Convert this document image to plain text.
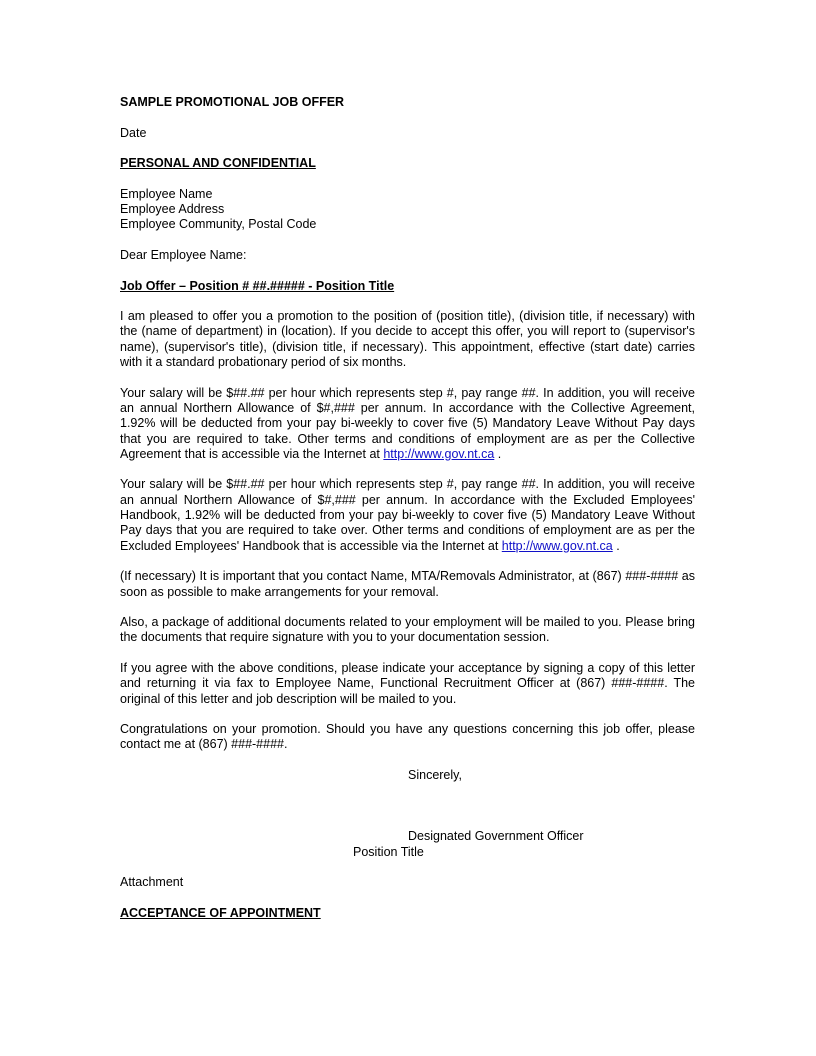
SAMPLE PROMOTIONAL JOB OFFER

Date

PERSONAL AND CONFIDENTIAL

Employee Name

Employee Address

Employee Community, Postal Code

Dear Employee Name:

Job Offer – Position # ##.##### - Position Title

I am pleased to offer you a promotion to the position of (position title), (division title, if necessary) with the (name of department) in (location). If you decide to accept this offer, you will report to (supervisor's name), (supervisor's title), (division title, if necessary). This appointment, effective (start date) carries with it a standard probationary period of six months.

Your salary will be $##.## per hour which represents step #, pay range ##. In addition, you will receive an annual Northern Allowance of $#,### per annum. In accordance with the Collective Agreement, 1.92% will be deducted from your pay bi-weekly to cover five (5) Mandatory Leave Without Pay days that you are required to take. Other terms and conditions of employment are as per the Collective Agreement that is accessible via the Internet at http://www.gov.nt.ca .

Your salary will be $##.## per hour which represents step #, pay range ##. In addition, you will receive an annual Northern Allowance of $#,### per annum. In accordance with the Excluded Employees' Handbook, 1.92% will be deducted from your pay bi-weekly to cover five (5) Mandatory Leave Without Pay days that you are required to take over. Other terms and conditions of employment are as per the Excluded Employees' Handbook that is accessible via the Internet at http://www.gov.nt.ca .

(If necessary) It is important that you contact Name, MTA/Removals Administrator, at (867) ###-#### as soon as possible to make arrangements for your removal.

Also, a package of additional documents related to your employment will be mailed to you. Please bring the documents that require signature with you to your documentation session.

If you agree with the above conditions, please indicate your acceptance by signing a copy of this letter and returning it via fax to Employee Name, Functional Recruitment Officer at (867) ###-####. The original of this letter and job description will be mailed to you.

Congratulations on your promotion. Should you have any questions concerning this job offer, please contact me at (867) ###-####.

Sincerely,

Designated Government Officer

Position Title

Attachment

ACCEPTANCE OF APPOINTMENT
